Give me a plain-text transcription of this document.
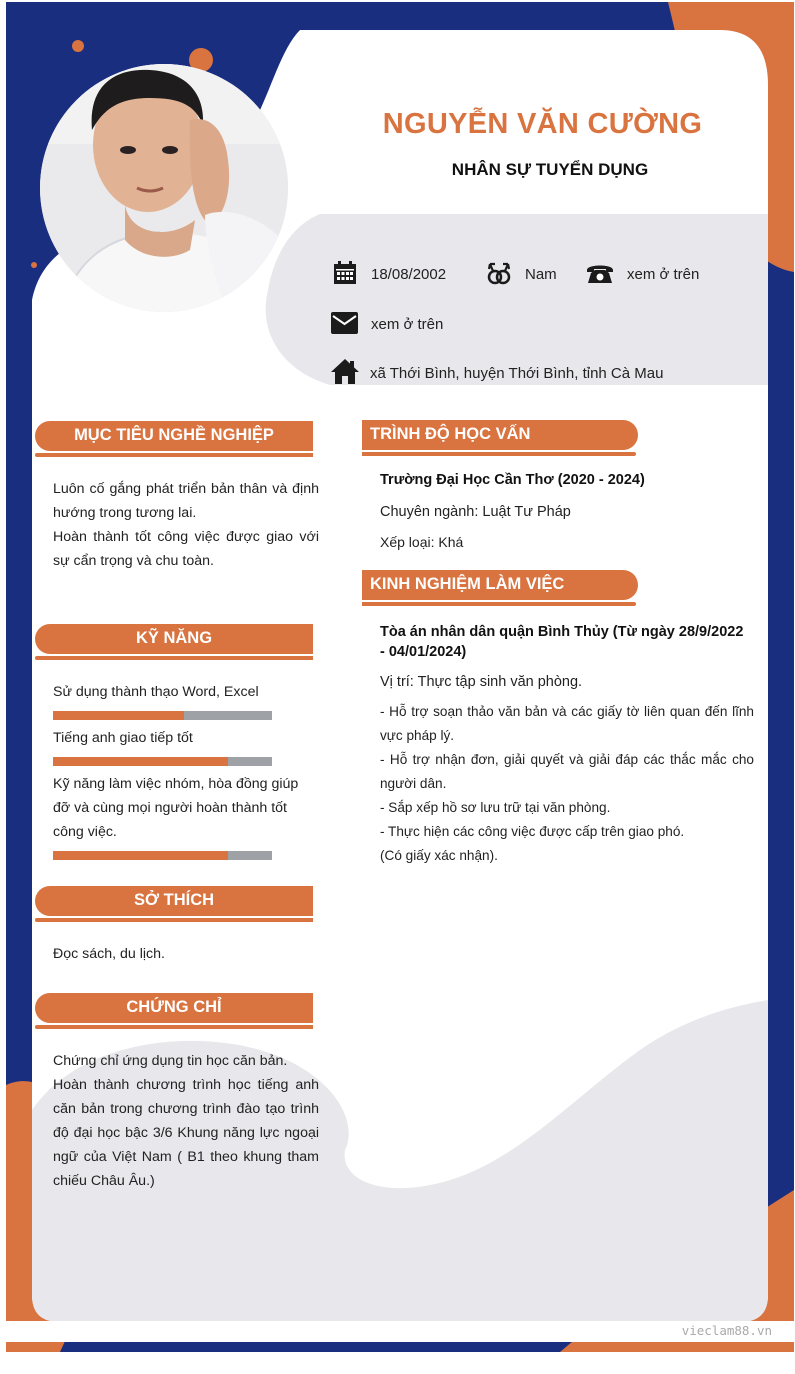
NGUYỄN VĂN CƯỜNG
NHÂN SỰ TUYỂN DỤNG
18/08/2002	Nam	xem ở trên
xem ở trên
xã Thới Bình, huyện Thới Bình, tỉnh Cà Mau
MỤC TIÊU NGHỀ NGHIỆP
Luôn cố gắng phát triển bản thân và định hướng trong tương lai.
Hoàn thành tốt công việc được giao với sự cẩn trọng và chu toàn.
KỸ NĂNG
Sử dụng thành thạo Word, Excel
Tiếng anh giao tiếp tốt
Kỹ năng làm việc nhóm, hòa đồng giúp đỡ và cùng mọi người hoàn thành tốt công việc.
SỞ THÍCH
Đọc sách, du lịch.
CHỨNG CHỈ
Chứng chỉ ứng dụng tin học căn bản.
Hoàn thành chương trình học tiếng anh căn bản trong chương trình đào tạo trình độ đại học bậc 3/6 Khung năng lực ngoại ngữ của Việt Nam ( B1 theo khung tham chiếu Châu Âu.)
TRÌNH ĐỘ HỌC VẤN
Trường Đại Học Cần Thơ (2020 - 2024)
Chuyên ngành: Luật Tư Pháp
Xếp loại: Khá
KINH NGHIỆM LÀM VIỆC
Tòa án nhân dân quận Bình Thủy (Từ ngày 28/9/2022 - 04/01/2024)
Vị trí: Thực tập sinh văn phòng.
- Hỗ trợ soạn thảo văn bản và các giấy tờ liên quan đến lĩnh vực pháp lý.
- Hỗ trợ nhận đơn, giải quyết và giải đáp các thắc mắc cho người dân.
- Sắp xếp hồ sơ lưu trữ tại văn phòng.
- Thực hiện các công việc được cấp trên giao phó.
(Có giấy xác nhận).
vieclam88.vn
